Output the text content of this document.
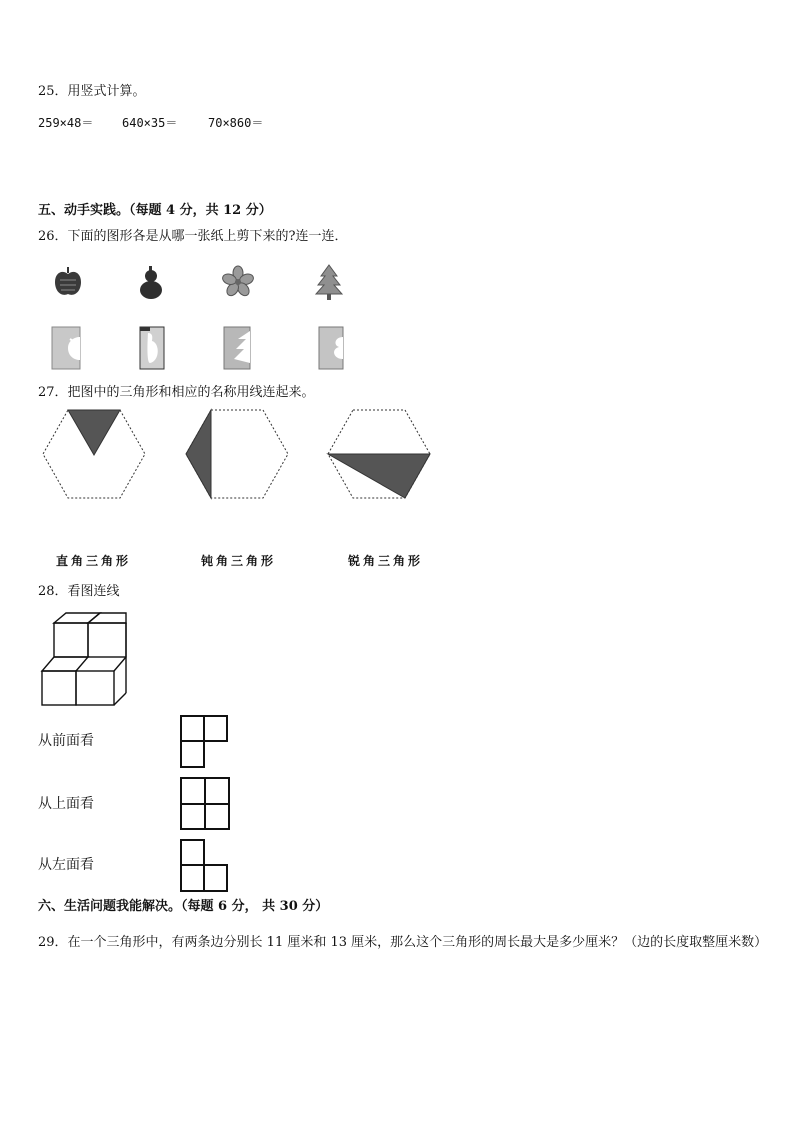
25．用竖式计算。
259×48＝ 640×35＝	70×860＝
五、动手实践。（每题 4 分，共 12 分）
26．下面的图形各是从哪一张纸上剪下来的?连一连．
27．把图中的三角形和相应的名称用线连起来。
直角三角形	钝角三角形	锐角三角形
28．看图连线
从前面看
从上面看
从左面看
六、生活问题我能解决。（每题 6 分， 共 30 分）
29．在一个三角形中，有两条边分别长 11 厘米和 13 厘米，那么这个三角形的周长最大是多少厘米？（边的长度取整厘米数）
